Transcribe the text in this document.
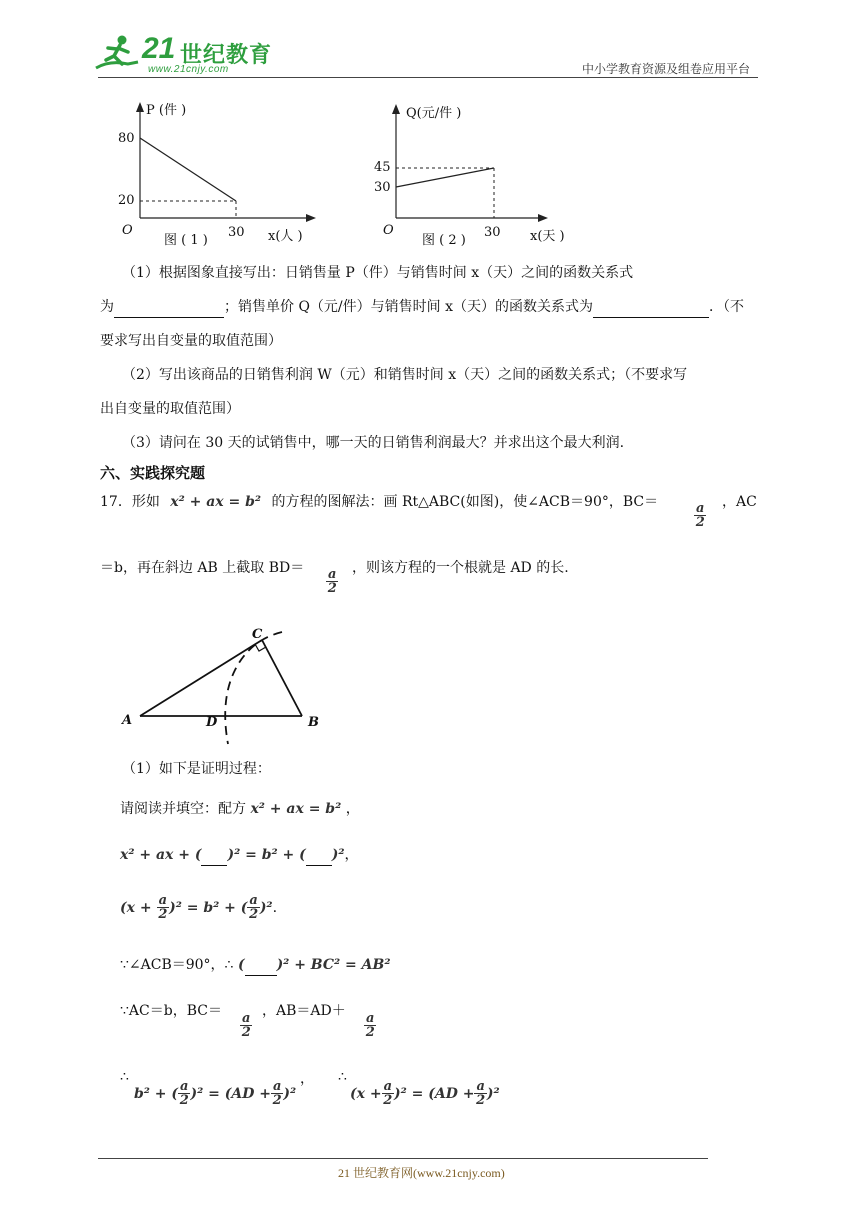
21 世纪教育
www.21cnjy.com	中小学教育资源及组卷应用平台
P (件 )
80
20
O
图 ( 1 )
30 x(人 )
Q(元/件 )
45
30
O
图 ( 2 )
30 x(天 )
（1）根据图象直接写出：日销售量 P（件）与销售时间 x（天）之间的函数关系式
为	；销售单价 Q（元/件）与销售时间 x（天）的函数关系式为	．（不
要求写出自变量的取值范围）
（2）写出该商品的日销售利润 W（元）和销售时间 x（天）之间的函数关系式；（不要求写
出自变量的取值范围）
（3）请问在 30 天的试销售中，哪一天的日销售利润最大？并求出这个最大利润.
六、实践探究题
17．形如 x² + ax = b² 的方程的图解法：画 Rt△ABC(如图)，使∠ACB＝90°，BC＝	$\frac{a}{2}$ ，AC
＝b，再在斜边 AB 上截取 $BD= \frac{a}{2}$ ，则该方程的一个根就是 AD 的长.
A	B
C
D
（1）如下是证明过程：
请阅读并填空：配方 x² + ax = b² ，
x² + ax + ( )² = b² + ( )²，
$(x + \frac{a}{2} )^2 = b^2$ + ( $\frac{a}{2} )^2$.
∵∠ACB＝90°，∴ ( )² + BC² = AB²
∵AC＝b，BC＝
$\frac{a}{2}$
，AB＝AD＋
$\frac{a}{2}$
∴
b² + ( $\frac{a}{2} )^2 = (AD + \frac{a}{2} )^2$
， ∴
$(x + \frac{a}{2} )^2 = (AD + \frac{a}{2} )^2$
21 世纪教育网(www.21cnjy.com)
